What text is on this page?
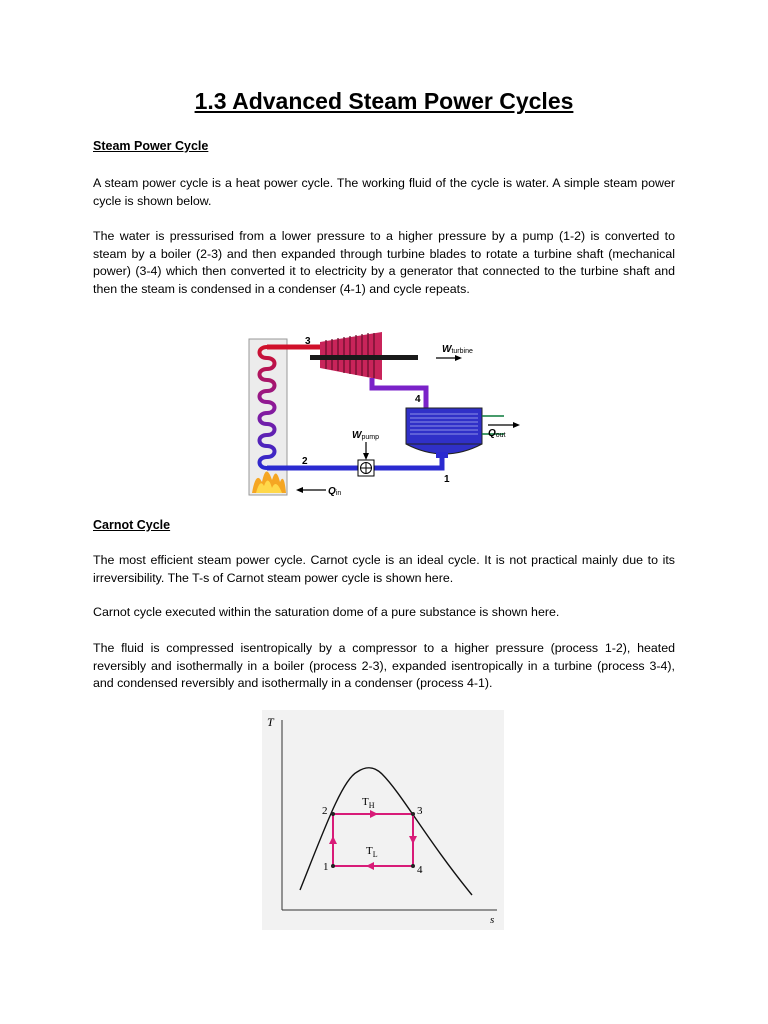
1.3 Advanced Steam Power Cycles
Steam Power Cycle

A steam power cycle is a heat power cycle. The working fluid of the cycle is water. A simple steam power cycle is shown below.

The water is pressurised from a lower pressure to a higher pressure by a pump (1-2) is converted to steam by a boiler (2-3) and then expanded through turbine blades to rotate a turbine shaft (mechanical power) (3-4) which then converted it to electricity by a generator that connected to the turbine shaft and then the steam is condensed in a condenser (4-1) and cycle repeats.

Wturbine
Qout
Wpump
Qin
3
4
2
1
Carnot Cycle

The most efficient steam power cycle. Carnot cycle is an ideal cycle. It is not practical mainly due to its irreversibility. The T-s of Carnot steam power cycle is shown here.

Carnot cycle executed within the saturation dome of a pure substance is shown here.

The fluid is compressed isentropically by a compressor to a higher pressure (process 1-2), heated reversibly and isothermally in a boiler (process 2-3), expanded isentropically in a turbine (process 3-4), and condensed reversibly and isothermally in a condenser (process 4-1).

T
s
2	3
1	4
$T_H$
$T_L$
